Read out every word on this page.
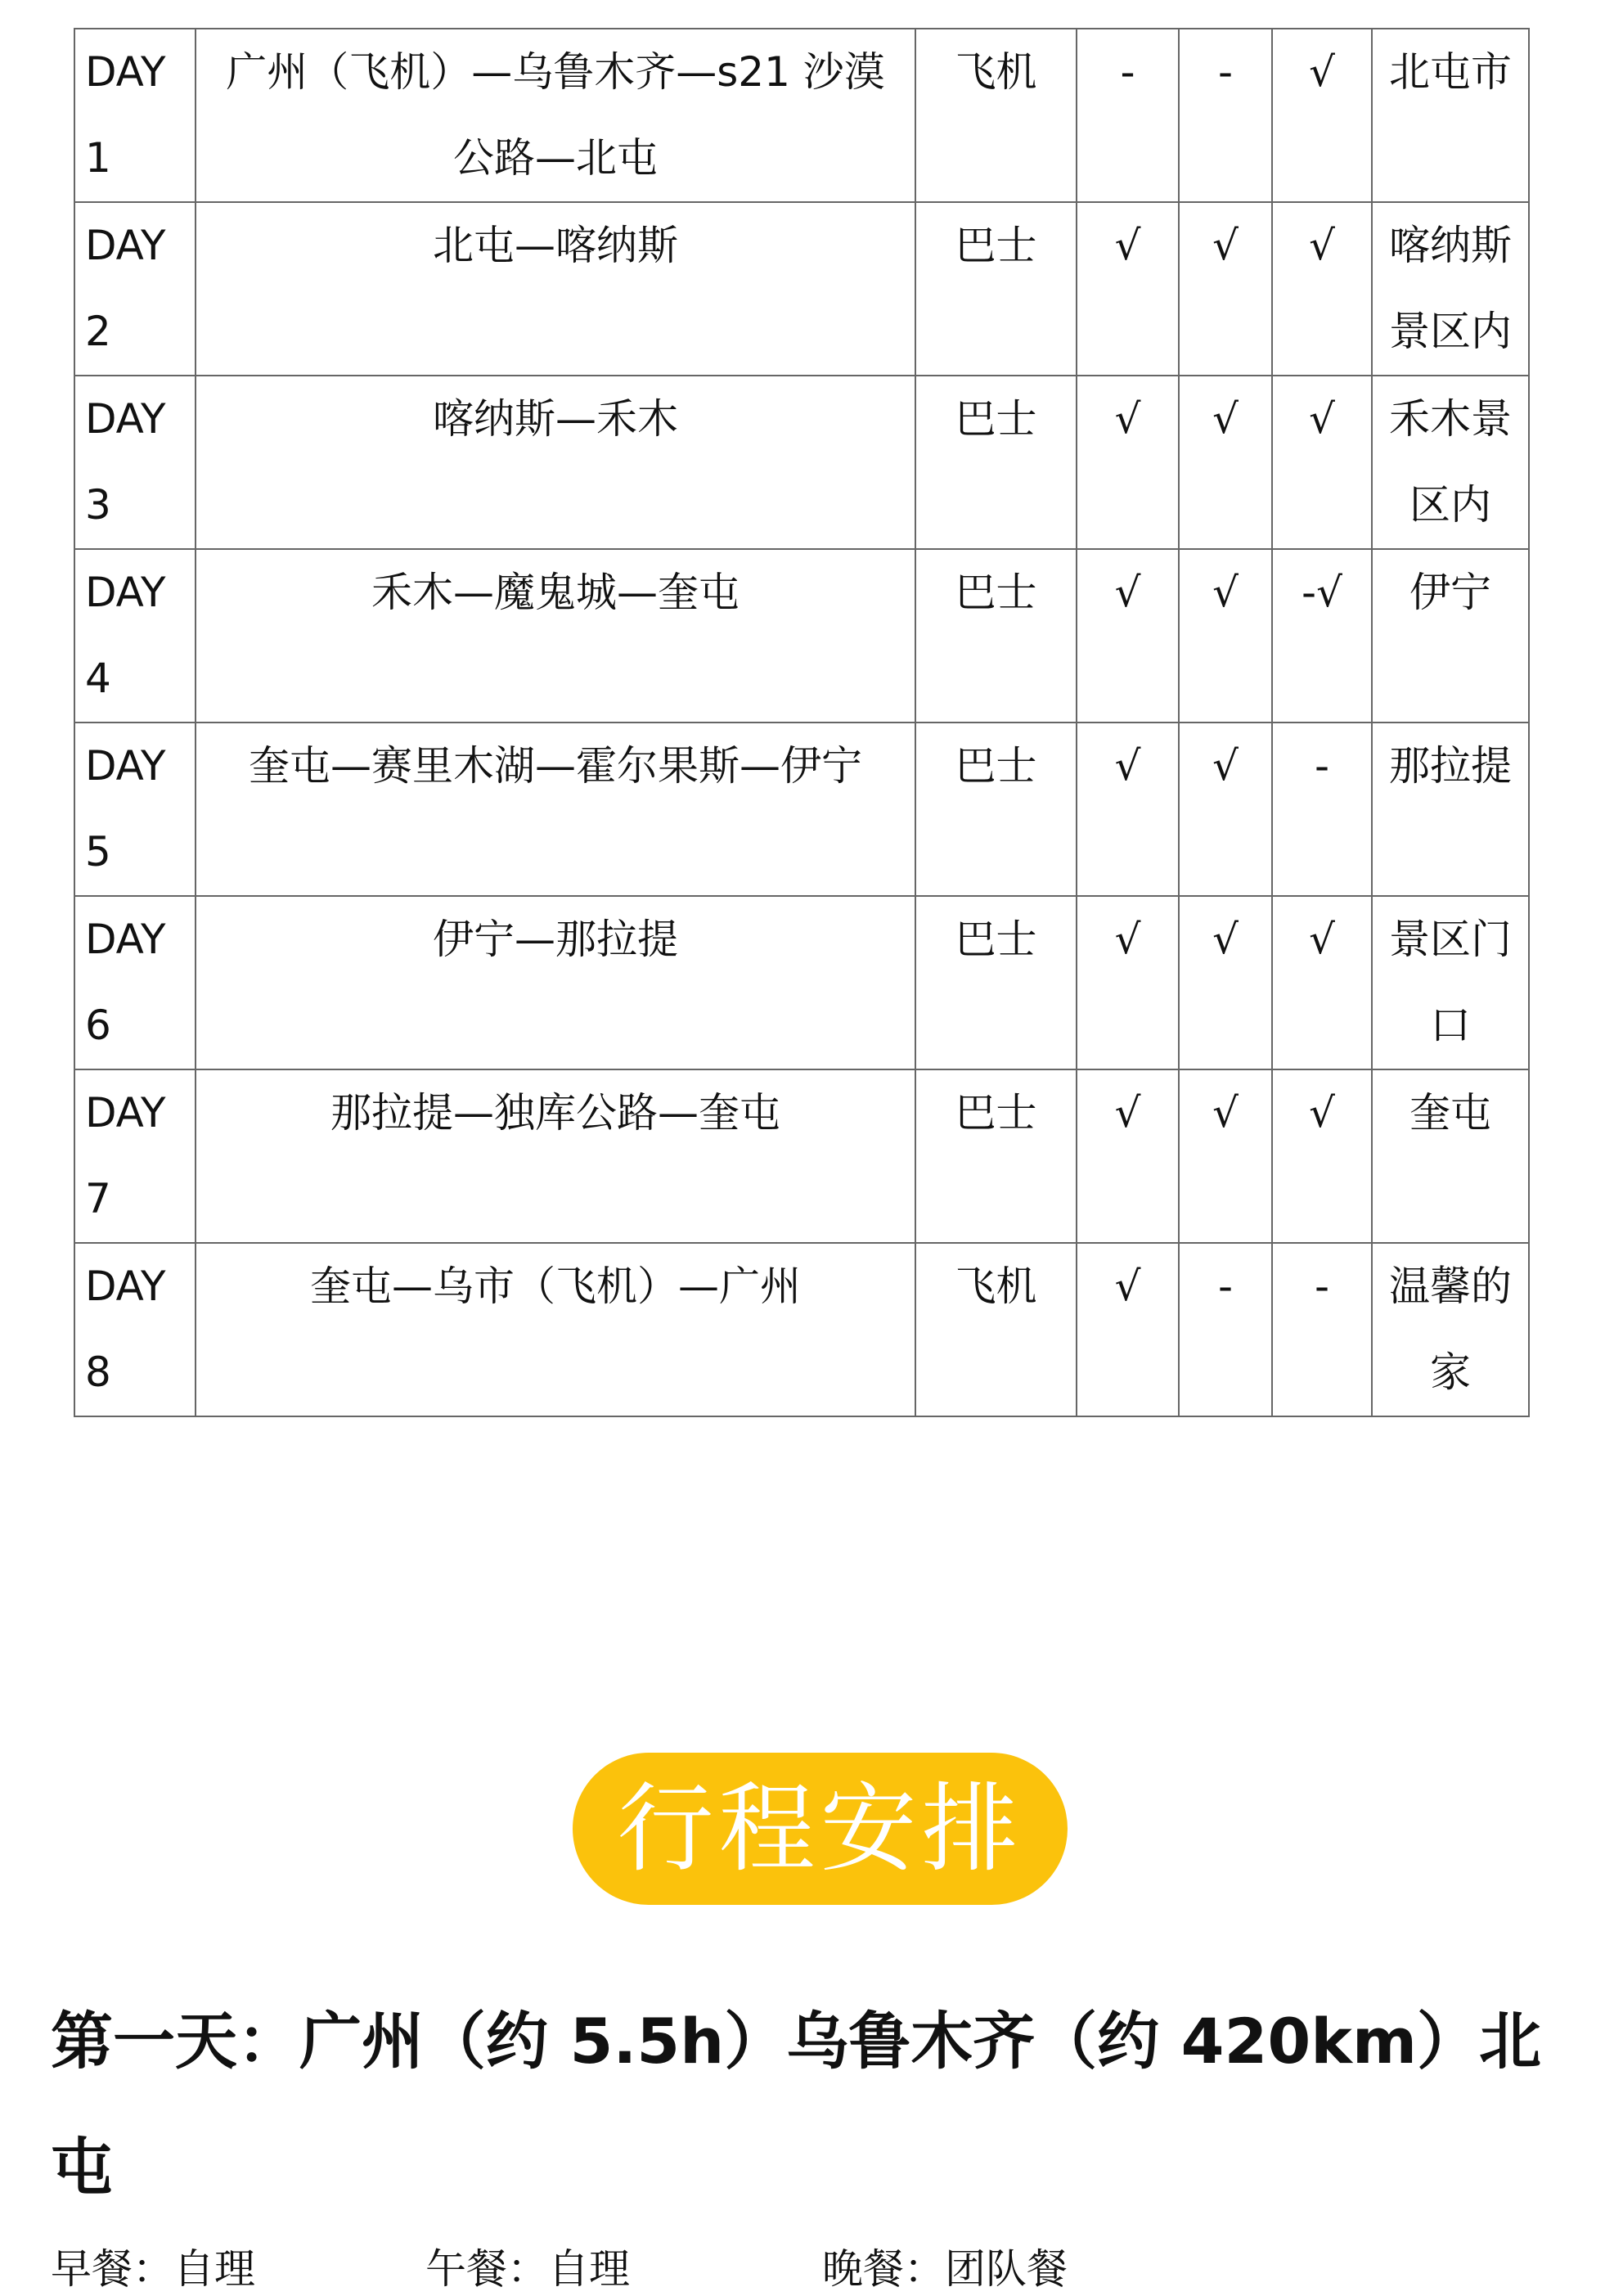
DAY1	广州（飞机）—乌鲁木齐—s21 沙漠公路—北屯	飞机	-	-	√	北屯市
DAY2	北屯—喀纳斯	巴士	√	√	√	喀纳斯景区内
DAY3	喀纳斯—禾木	巴士	√	√	√	禾木景区内
DAY4	禾木—魔鬼城—奎屯	巴士	√	√	-√	伊宁
DAY5	奎屯—赛里木湖—霍尔果斯—伊宁	巴士	√	√	-	那拉提
DAY6	伊宁—那拉提	巴士	√	√	√	景区门口
DAY7	那拉提—独库公路—奎屯	巴士	√	√	√	奎屯
DAY8	奎屯—乌市（飞机）—广州	飞机	√	-	-	温馨的家
行程安排
第一天：广州（约 5.5h）乌鲁木齐（约 420km）北屯
早餐：自理	午餐：自理	晚餐：团队餐
